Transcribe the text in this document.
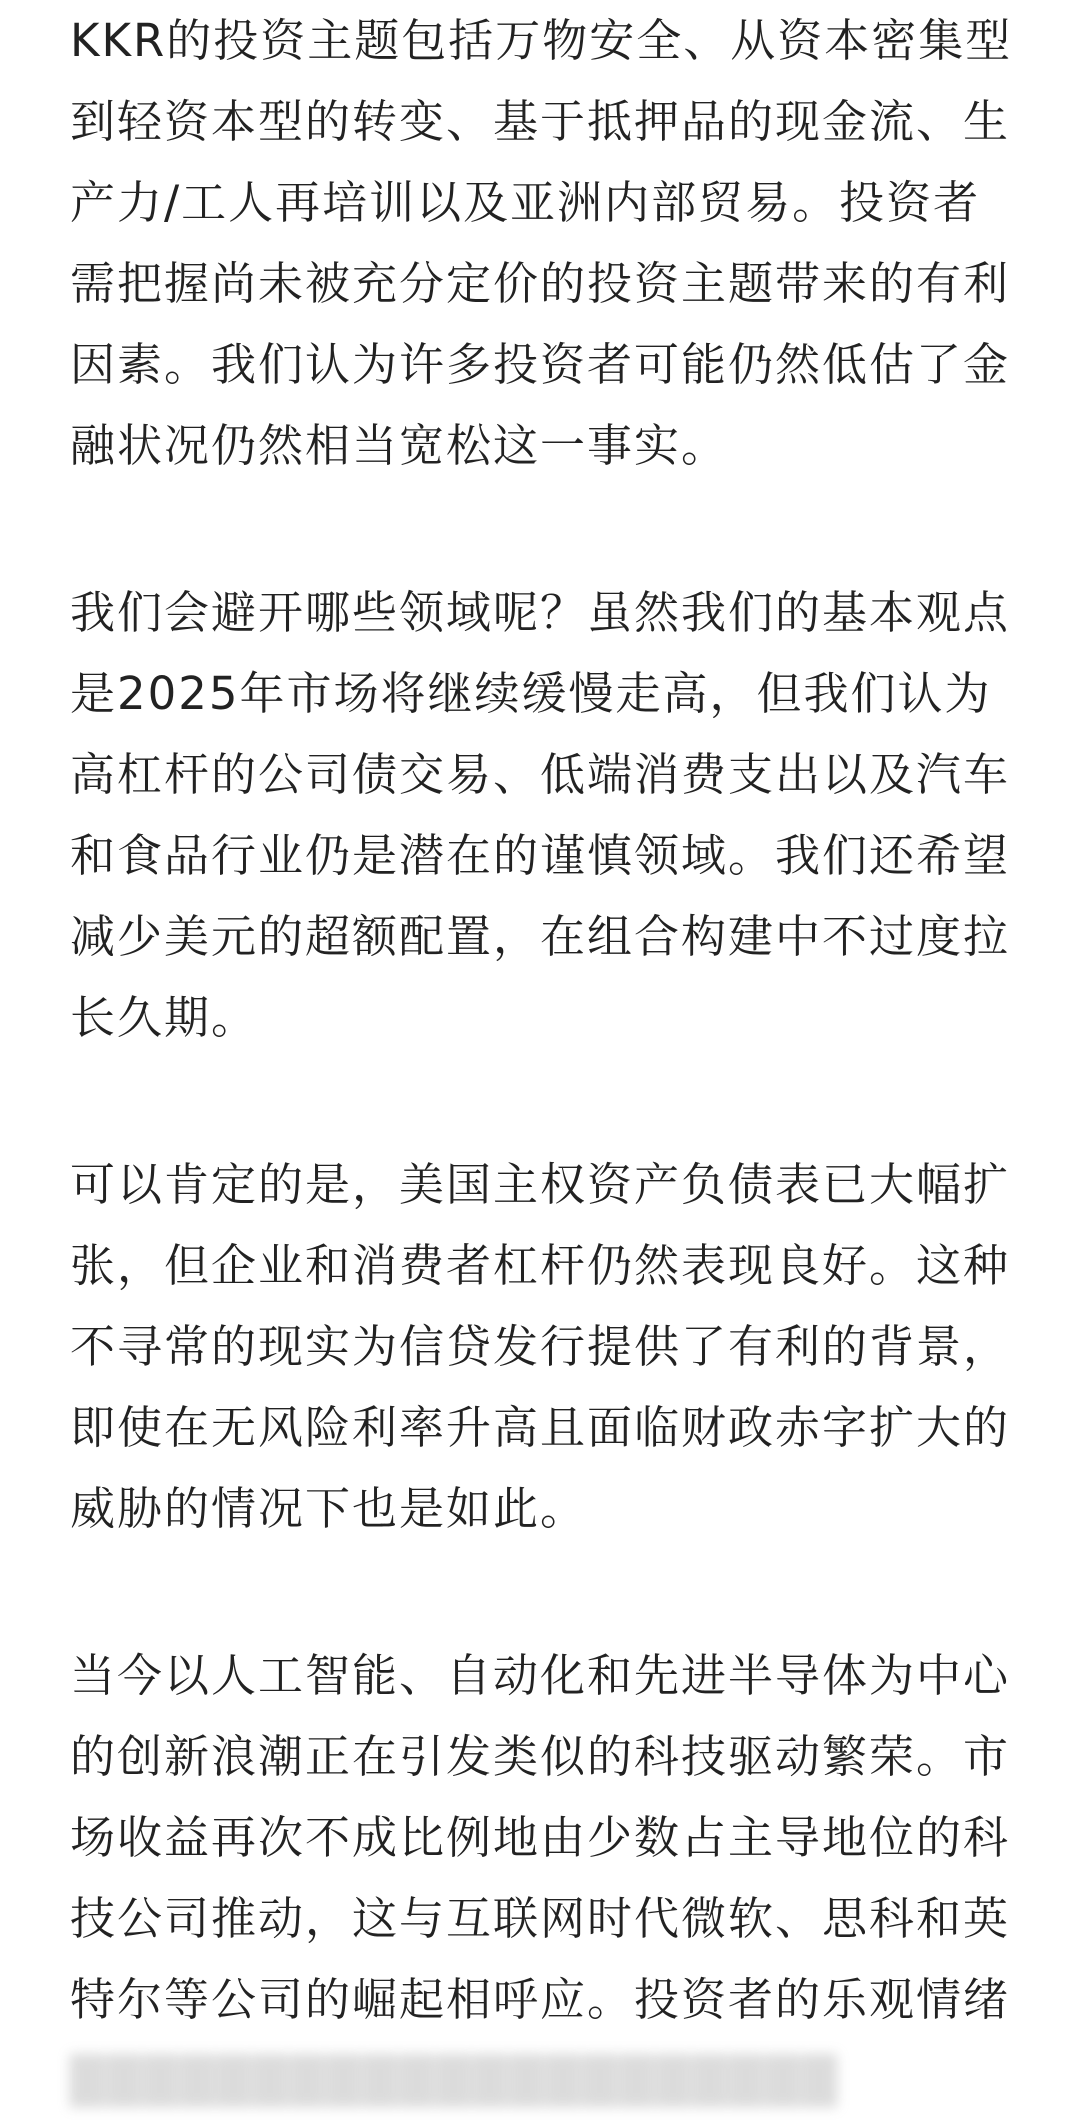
KKR的投资主题包括万物安全、从资本密集型
到轻资本型的转变、基于抵押品的现金流、生
产力/工人再培训以及亚洲内部贸易。投资者
需把握尚未被充分定价的投资主题带来的有利
因素。我们认为许多投资者可能仍然低估了金
融状况仍然相当宽松这一事实。
我们会避开哪些领域呢？虽然我们的基本观点
是2025年市场将继续缓慢走高，但我们认为
高杠杆的公司债交易、低端消费支出以及汽车
和食品行业仍是潜在的谨慎领域。我们还希望
减少美元的超额配置，在组合构建中不过度拉
长久期。
可以肯定的是，美国主权资产负债表已大幅扩
张，但企业和消费者杠杆仍然表现良好。这种
不寻常的现实为信贷发行提供了有利的背景，
即使在无风险利率升高且面临财政赤字扩大的
威胁的情况下也是如此。
当今以人工智能、自动化和先进半导体为中心
的创新浪潮正在引发类似的科技驱动繁荣。市
场收益再次不成比例地由少数占主导地位的科
技公司推动，这与互联网时代微软、思科和英
特尔等公司的崛起相呼应。投资者的乐观情绪
█████████████████████
